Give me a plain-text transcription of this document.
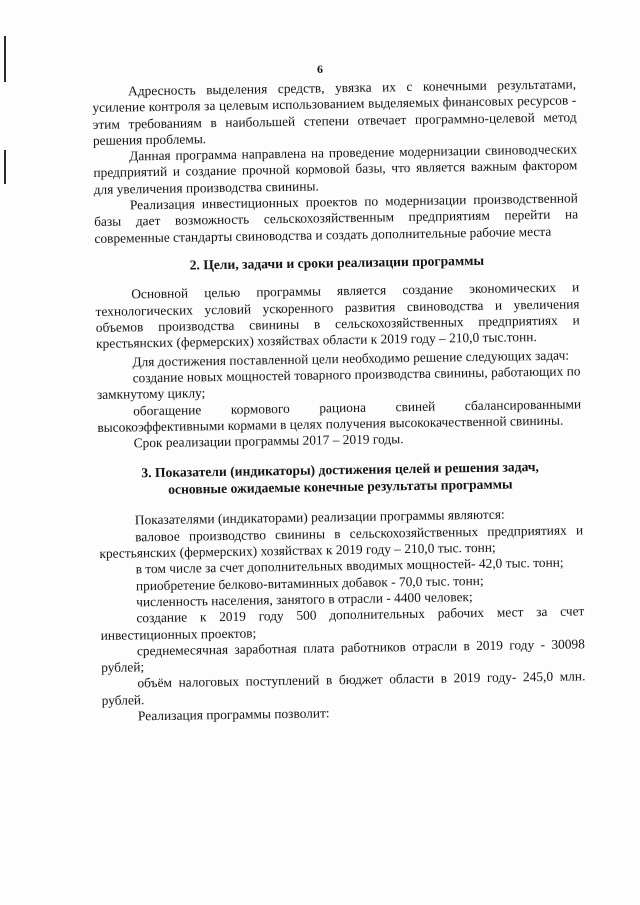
6

Адресность выделения средств, увязка их с конечными результатами, усиление контроля за целевым использованием выделяемых финансовых ресурсов - этим требованиям в наибольшей степени отвечает программно-целевой метод решения проблемы.

Данная программа направлена на проведение модернизации свиноводческих предприятий и создание прочной кормовой базы, что является важным фактором для увеличения производства свинины.

Реализация инвестиционных проектов по модернизации производственной базы дает возможность сельскохозяйственным предприятиям перейти на современные стандарты свиноводства и создать дополнительные рабочие места

2. Цели, задачи и сроки реализации программы

Основной целью программы является создание экономических и технологических условий ускоренного развития свиноводства и увеличения объемов производства свинины в сельскохозяйственных предприятиях и крестьянских (фермерских) хозяйствах области к 2019 году – 210,0 тыс.тонн.

Для достижения поставленной цели необходимо решение следующих задач:

создание новых мощностей товарного производства свинины, работающих по замкнутому циклу;

обогащение кормового рациона свиней сбалансированными высокоэффективными кормами в целях получения высококачественной свинины.

Срок реализации программы 2017 – 2019 годы.

3. Показатели (индикаторы) достижения целей и решения задач,
основные ожидаемые конечные результаты программы

Показателями (индикаторами) реализации программы являются:

валовое производство свинины в сельскохозяйственных предприятиях и крестьянских (фермерских) хозяйствах к 2019 году – 210,0 тыс. тонн;

в том числе за счет дополнительных вводимых мощностей- 42,0 тыс. тонн;

приобретение белково-витаминных добавок - 70,0 тыс. тонн;

численность населения, занятого в отрасли - 4400 человек;

создание к 2019 году 500 дополнительных рабочих мест за счет инвестиционных проектов;

среднемесячная заработная плата работников отрасли в 2019 году - 30098 рублей;

объём налоговых поступлений в бюджет области в 2019 году- 245,0 млн. рублей.

Реализация программы позволит:
